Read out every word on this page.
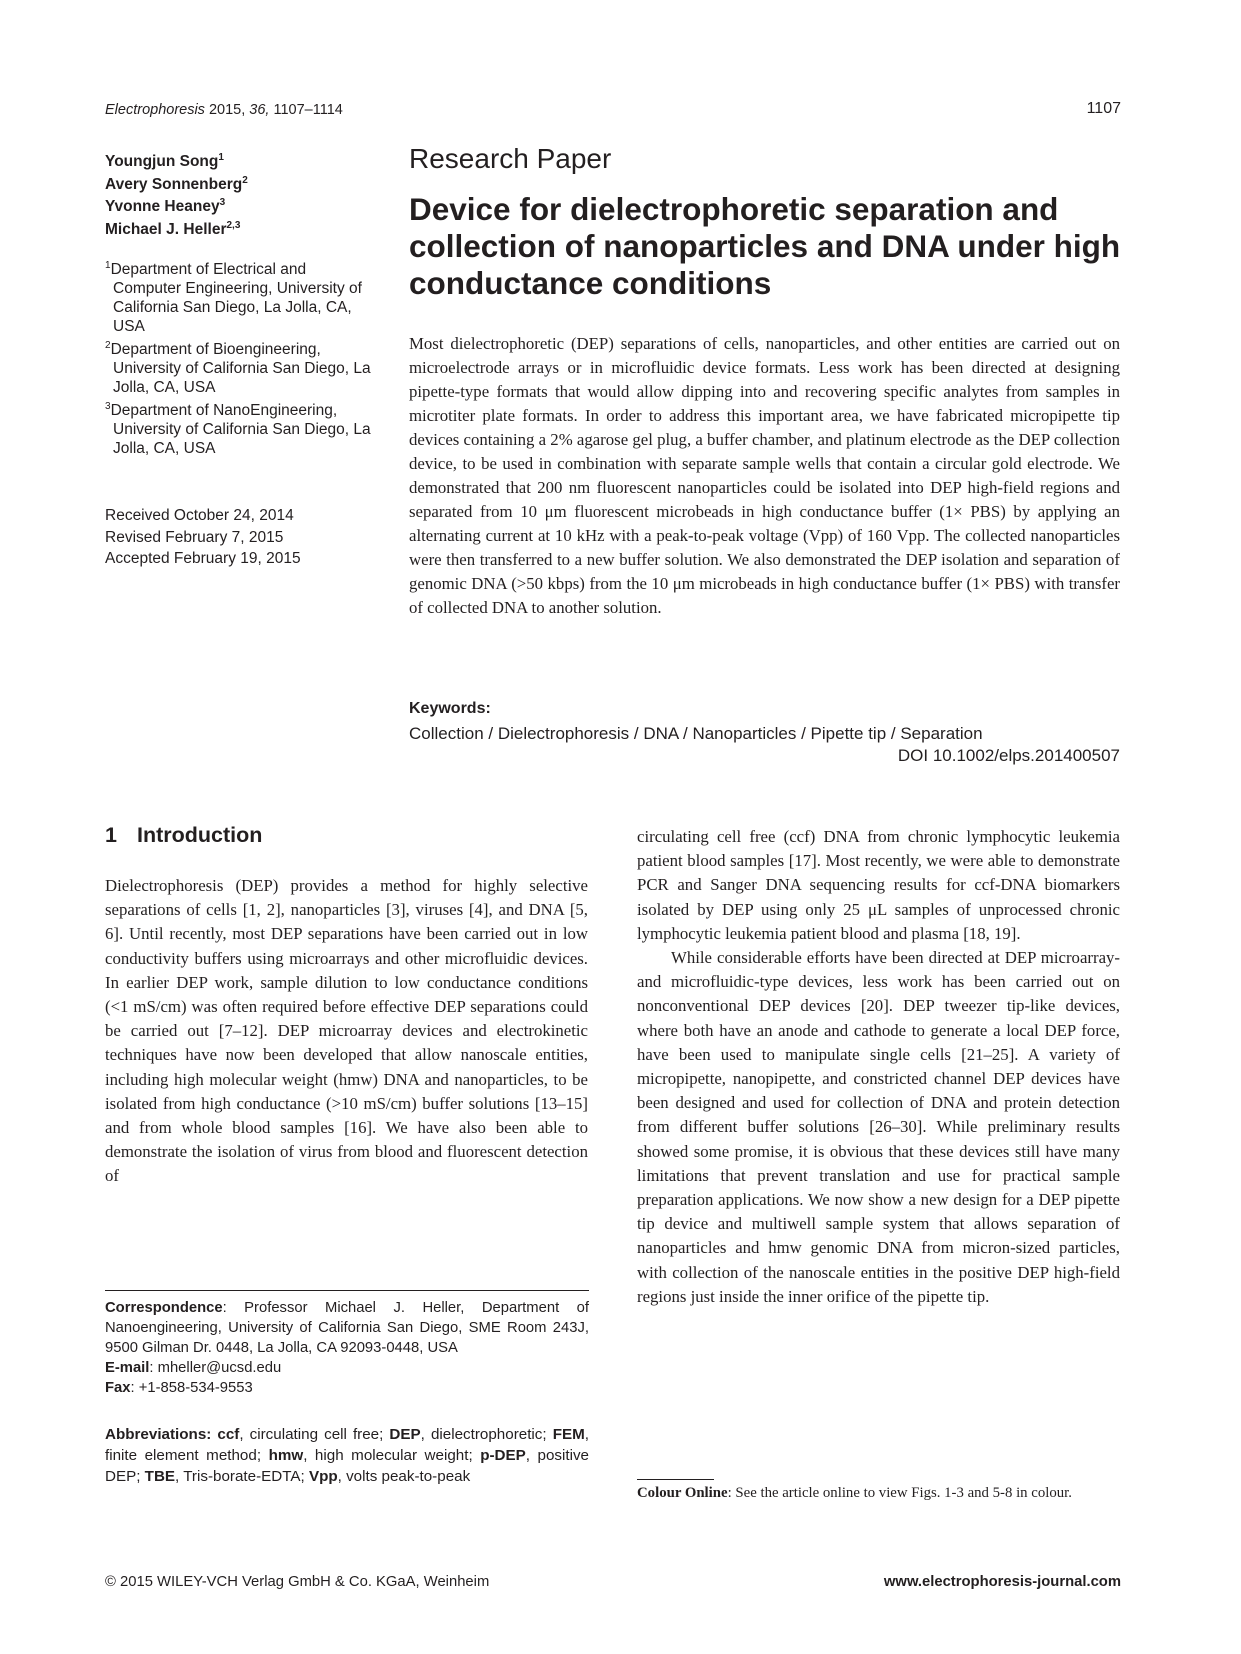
Electrophoresis 2015, 36, 1107–1114	1107
Youngjun Song$^1$
Avery Sonnenberg$^2$
Yvonne Heaney$^3$
Michael J. Heller$^{2,3}$

$^1$Department of Electrical and Computer Engineering, University of California San Diego, La Jolla, CA, USA

$^2$Department of Bioengineering, University of California San Diego, La Jolla, CA, USA

$^3$Department of NanoEngineering, University of California San Diego, La Jolla, CA, USA

Received October 24, 2014
Revised February 7, 2015
Accepted February 19, 2015
Research Paper
Device for dielectrophoretic separation and collection of nanoparticles and DNA under high conductance conditions

Most dielectrophoretic (DEP) separations of cells, nanoparticles, and other entities are carried out on microelectrode arrays or in microfluidic device formats. Less work has been directed at designing pipette-type formats that would allow dipping into and recovering specific analytes from samples in microtiter plate formats. In order to address this important area, we have fabricated micropipette tip devices containing a 2% agarose gel plug, a buffer chamber, and platinum electrode as the DEP collection device, to be used in combination with separate sample wells that contain a circular gold electrode. We demonstrated that 200 nm fluorescent nanoparticles could be isolated into DEP high-field regions and separated from 10 μm fluorescent microbeads in high conductance buffer (1× PBS) by applying an alternating current at 10 kHz with a peak-to-peak voltage (Vpp) of 160 Vpp. The collected nanoparticles were then transferred to a new buffer solution. We also demonstrated the DEP isolation and separation of genomic DNA (>50 kbps) from the 10 μm microbeads in high conductance buffer (1× PBS) with transfer of collected DNA to another solution.

Keywords:
Collection / Dielectrophoresis / DNA / Nanoparticles / Pipette tip / Separation
DOI 10.1002/elps.201400507
1 Introduction

Dielectrophoresis (DEP) provides a method for highly selective separations of cells [1, 2], nanoparticles [3], viruses [4], and DNA [5, 6]. Until recently, most DEP separations have been carried out in low conductivity buffers using microarrays and other microfluidic devices. In earlier DEP work, sample dilution to low conductance conditions (<1 mS/cm) was often required before effective DEP separations could be carried out [7–12]. DEP microarray devices and electrokinetic techniques have now been developed that allow nanoscale entities, including high molecular weight (hmw) DNA and nanoparticles, to be isolated from high conductance (>10 mS/cm) buffer solutions [13–15] and from whole blood samples [16]. We have also been able to demonstrate the isolation of virus from blood and fluorescent detection of

circulating cell free (ccf) DNA from chronic lymphocytic leukemia patient blood samples [17]. Most recently, we were able to demonstrate PCR and Sanger DNA sequencing results for ccf-DNA biomarkers isolated by DEP using only 25 μL samples of unprocessed chronic lymphocytic leukemia patient blood and plasma [18, 19].

While considerable efforts have been directed at DEP microarray- and microfluidic-type devices, less work has been carried out on nonconventional DEP devices [20]. DEP tweezer tip-like devices, where both have an anode and cathode to generate a local DEP force, have been used to manipulate single cells [21–25]. A variety of micropipette, nanopipette, and constricted channel DEP devices have been designed and used for collection of DNA and protein detection from different buffer solutions [26–30]. While preliminary results showed some promise, it is obvious that these devices still have many limitations that prevent translation and use for practical sample preparation applications. We now show a new design for a DEP pipette tip device and multiwell sample system that allows separation of nanoparticles and hmw genomic DNA from micron-sized particles, with collection of the nanoscale entities in the positive DEP high-field regions just inside the inner orifice of the pipette tip.

Correspondence: Professor Michael J. Heller, Department of Nanoengineering, University of California San Diego, SME Room 243J, 9500 Gilman Dr. 0448, La Jolla, CA 92093-0448, USA
E-mail: mheller@ucsd.edu
Fax: +1-858-534-9553

Abbreviations: ccf, circulating cell free; DEP, dielectrophoretic; FEM, finite element method; hmw, high molecular weight; p-DEP, positive DEP; TBE, Tris-borate-EDTA; Vpp, volts peak-to-peak

Colour Online: See the article online to view Figs. 1-3 and 5-8 in colour.
© 2015 WILEY-VCH Verlag GmbH & Co. KGaA, Weinheim	www.electrophoresis-journal.com
